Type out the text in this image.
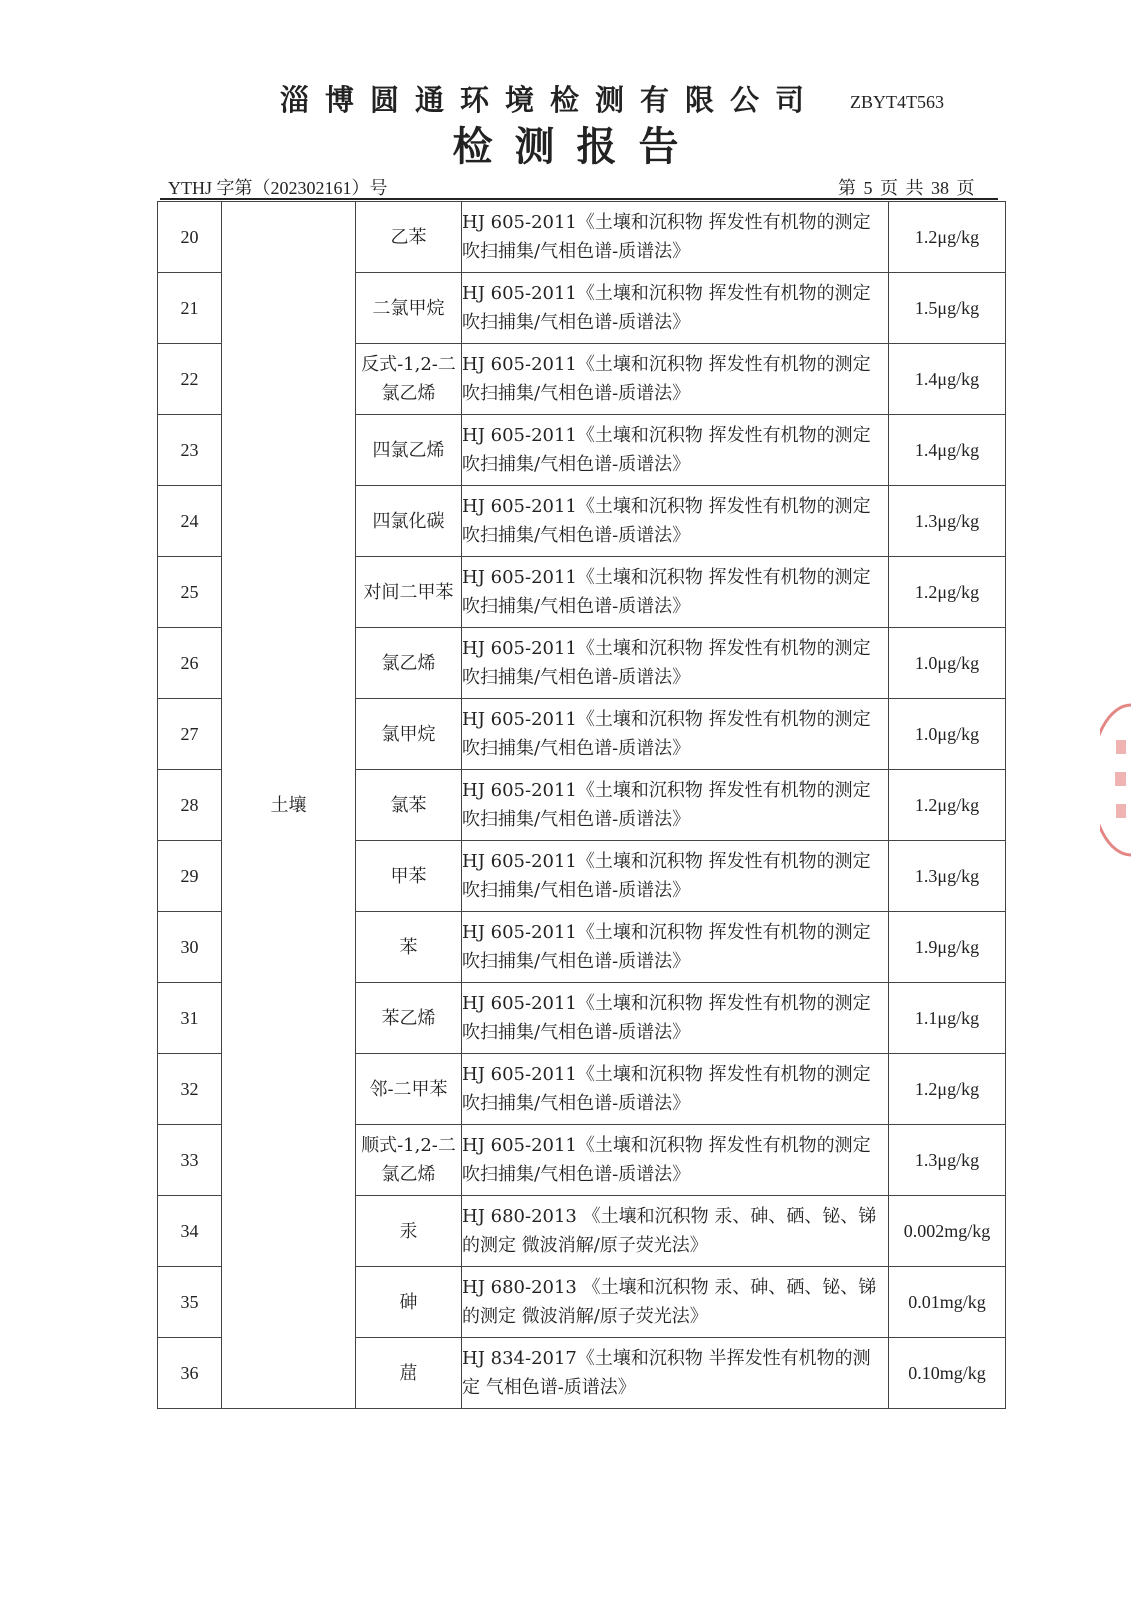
淄博圆通环境检测有限公司	ZBYT4T563
检测报告
YTHJ 字第（202302161）号	第 5 页 共 38 页
20	土壤	乙苯	HJ 605-2011《土壤和沉积物 挥发性有机物的测定 吹扫捕集/气相色谱-质谱法》	1.2μg/kg
21		二氯甲烷	HJ 605-2011《土壤和沉积物 挥发性有机物的测定 吹扫捕集/气相色谱-质谱法》	1.5μg/kg
22		反式-1,2-二氯乙烯	HJ 605-2011《土壤和沉积物 挥发性有机物的测定 吹扫捕集/气相色谱-质谱法》	1.4μg/kg
23		四氯乙烯	HJ 605-2011《土壤和沉积物 挥发性有机物的测定 吹扫捕集/气相色谱-质谱法》	1.4μg/kg
24		四氯化碳	HJ 605-2011《土壤和沉积物 挥发性有机物的测定 吹扫捕集/气相色谱-质谱法》	1.3μg/kg
25		对间二甲苯	HJ 605-2011《土壤和沉积物 挥发性有机物的测定 吹扫捕集/气相色谱-质谱法》	1.2μg/kg
26		氯乙烯	HJ 605-2011《土壤和沉积物 挥发性有机物的测定 吹扫捕集/气相色谱-质谱法》	1.0μg/kg
27		氯甲烷	HJ 605-2011《土壤和沉积物 挥发性有机物的测定 吹扫捕集/气相色谱-质谱法》	1.0μg/kg
28		氯苯	HJ 605-2011《土壤和沉积物 挥发性有机物的测定 吹扫捕集/气相色谱-质谱法》	1.2μg/kg
29		甲苯	HJ 605-2011《土壤和沉积物 挥发性有机物的测定 吹扫捕集/气相色谱-质谱法》	1.3μg/kg
30		苯	HJ 605-2011《土壤和沉积物 挥发性有机物的测定 吹扫捕集/气相色谱-质谱法》	1.9μg/kg
31		苯乙烯	HJ 605-2011《土壤和沉积物 挥发性有机物的测定 吹扫捕集/气相色谱-质谱法》	1.1μg/kg
32		邻-二甲苯	HJ 605-2011《土壤和沉积物 挥发性有机物的测定 吹扫捕集/气相色谱-质谱法》	1.2μg/kg
33		顺式-1,2-二氯乙烯	HJ 605-2011《土壤和沉积物 挥发性有机物的测定 吹扫捕集/气相色谱-质谱法》	1.3μg/kg
34		汞	HJ 680-2013 《土壤和沉积物 汞、砷、硒、铋、锑的测定 微波消解/原子荧光法》	0.002mg/kg
35		砷	HJ 680-2013 《土壤和沉积物 汞、砷、硒、铋、锑的测定 微波消解/原子荧光法》	0.01mg/kg
36		䓛	HJ 834-2017《土壤和沉积物 半挥发性有机物的测定 气相色谱-质谱法》	0.10mg/kg
